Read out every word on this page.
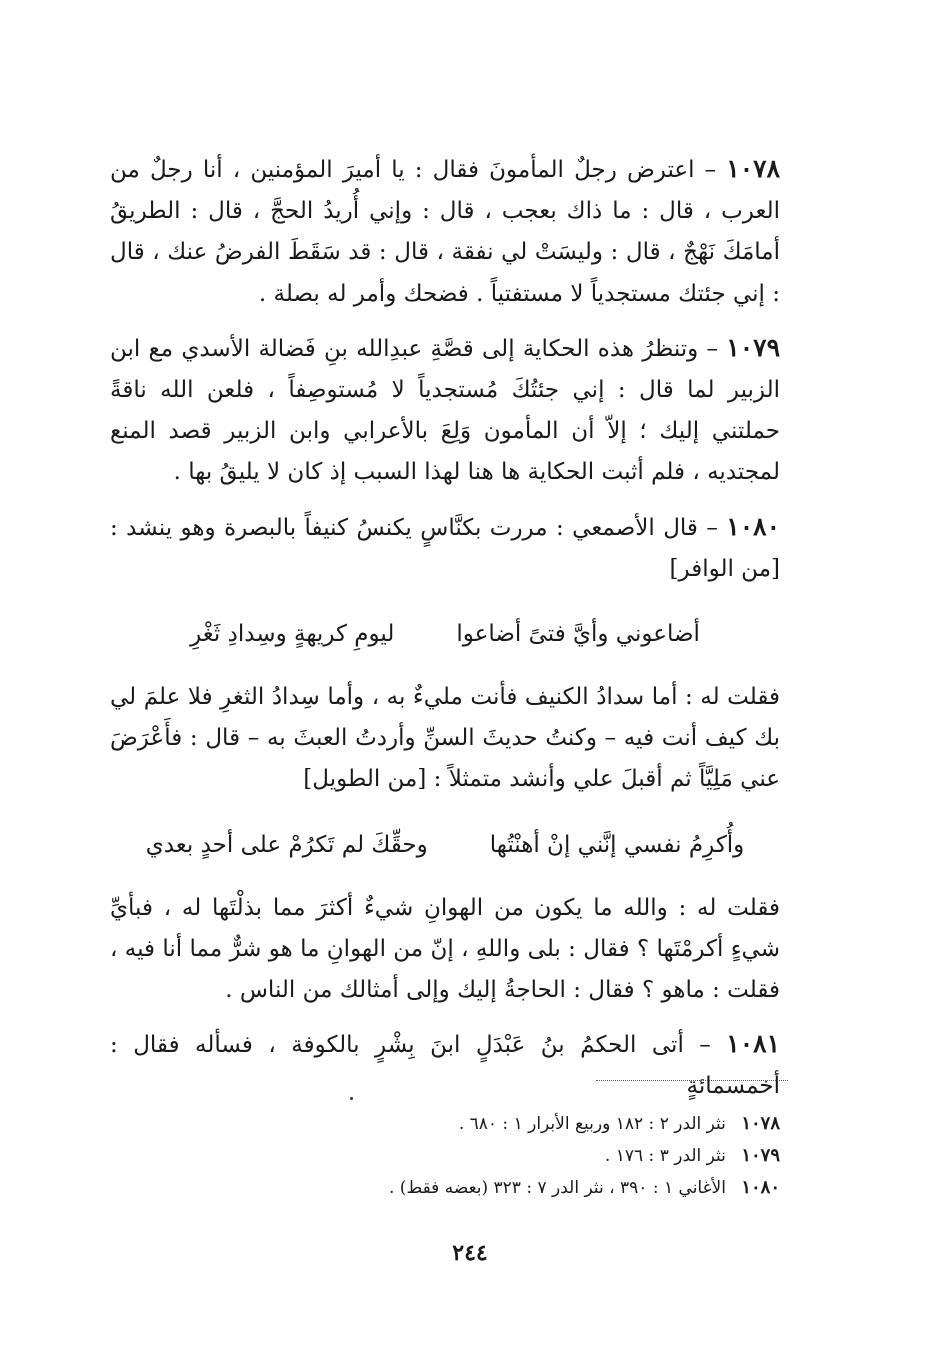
١٠٧٨ – اعترض رجلٌ المأمونَ فقال : يا أميرَ المؤمنين ، أنا رجلٌ من العرب ، قال : ما ذاك بعجب ، قال : وإني أُريدُ الحجَّ ، قال : الطريقُ أمامَكَ نَهْجٌ ، قال : وليسَتْ لي نفقة ، قال : قد سَقَطَ الفرضُ عنك ، قال : إني جئتك مستجدياً لا مستفتياً . فضحك وأمر له بصلة .

١٠٧٩ – وتنظرُ هذه الحكاية إلى قصَّةِ عبدِالله بنِ فَضالة الأسدي مع ابن الزبير لما قال : إني جئتُكَ مُستجدياً لا مُستوصِفاً ، فلعن الله ناقةً حملتني إليك ؛ إلاّ أن المأمون وَلِعَ بالأعرابي وابن الزبير قصد المنع لمجتديه ، فلم أثبت الحكاية ها هنا لهذا السبب إذ كان لا يليقُ بها .

١٠٨٠ – قال الأصمعي : مررت بكنَّاسٍ يكنسُ كنيفاً بالبصرة وهو ينشد : [من الوافر]

أضاعوني وأيَّ فتىً أضاعوا
ليومِ كريهةٍ وسِدادِ ثَغْرِ

فقلت له : أما سدادُ الكنيف فأنت مليءٌ به ، وأما سِدادُ الثغرِ فلا علمَ لي بك كيف أنت فيه – وكنتُ حديثَ السنِّ وأردتُ العبثَ به – قال : فأَعْرَضَ عني مَلِيَّاً ثم أقبلَ علي وأنشد متمثلاً : [من الطويل]

وأُكرِمُ نفسي إنَّني إنْ أهنْتُها
وحقِّكَ لم تَكرُمْ على أحدٍ بعدي

فقلت له : والله ما يكون من الهوانِ شيءٌ أكثرَ مما بذلْتَها له ، فبأيِّ شيءٍ أكرمْتَها ؟ فقال : بلى واللهِ ، إنّ من الهوانِ ما هو شرٌّ مما أنا فيه ، فقلت : ماهو ؟ فقال : الحاجةُ إليك وإلى أمثالك من الناس .

١٠٨١ – أتى الحكمُ بنُ عَبْدَلٍ ابنَ بِشْرٍ بالكوفة ، فسأله فقال : أخمسمائةٍ

١٠٧٨ نثر الدر ٢ : ١٨٢ وربيع الأبرار ١ : ٦٨٠ .
١٠٧٩ نثر الدر ٣ : ١٧٦ .
١٠٨٠ الأغاني ١ : ٣٩٠ ، نثر الدر ٧ : ٣٢٣ (بعضه فقط) .
٢٤٤
